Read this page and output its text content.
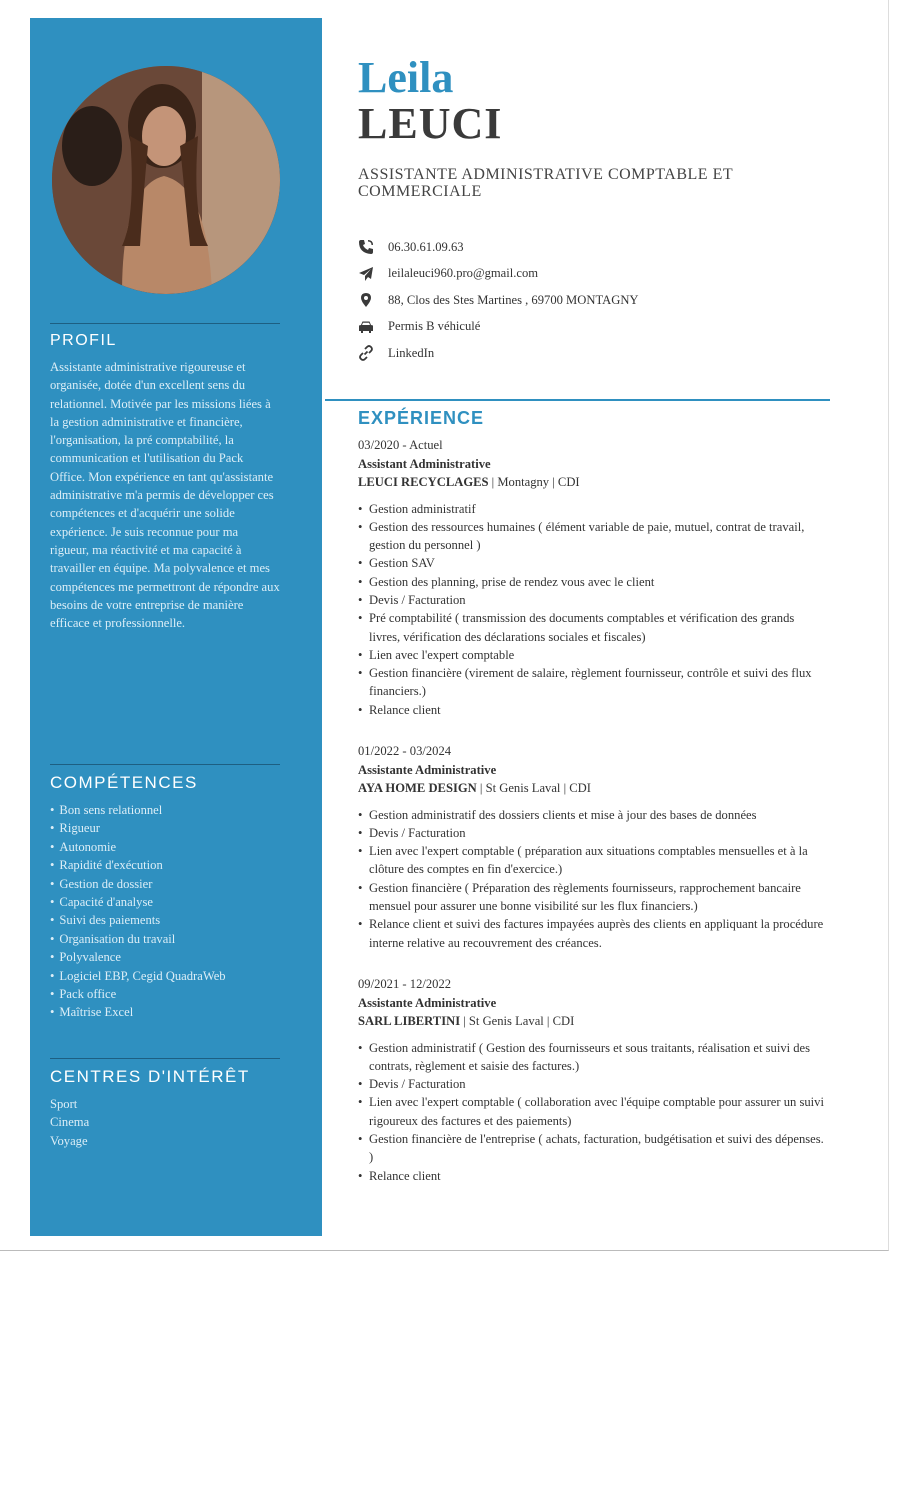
PROFIL
Assistante administrative rigoureuse et organisée, dotée d'un excellent sens du relationnel. Motivée par les missions liées à la gestion administrative et financière, l'organisation, la pré comptabilité, la communication et l'utilisation du Pack Office. Mon expérience en tant qu'assistante administrative m'a permis de développer ces compétences et d'acquérir une solide expérience. Je suis reconnue pour ma rigueur, ma réactivité et ma capacité à travailler en équipe. Ma polyvalence et mes compétences me permettront de répondre aux besoins de votre entreprise de manière efficace et professionnelle.
COMPÉTENCES
• Bon sens relationnel
• Rigueur
• Autonomie
• Rapidité d'exécution
• Gestion de dossier
• Capacité d'analyse
• Suivi des paiements
• Organisation du travail
• Polyvalence
• Logiciel EBP, Cegid QuadraWeb
• Pack office
• Maîtrise Excel
CENTRES D'INTÉRÊT
Sport
Cinema
Voyage
Leila
LEUCI
ASSISTANTE ADMINISTRATIVE COMPTABLE ET COMMERCIALE
06.30.61.09.63
leilaleuci960.pro@gmail.com
88, Clos des Stes Martines , 69700 MONTAGNY
Permis B véhiculé
LinkedIn
EXPÉRIENCE
03/2020 - Actuel
Assistant Administrative
LEUCI RECYCLAGES | Montagny | CDI
• Gestion administratif
• Gestion des ressources humaines ( élément variable de paie, mutuel, contrat de travail, gestion du personnel )
• Gestion SAV
• Gestion des planning, prise de rendez vous avec le client
• Devis / Facturation
• Pré comptabilité ( transmission des documents comptables et vérification des grands livres, vérification des déclarations sociales et fiscales)
• Lien avec l'expert comptable
• Gestion financière (virement de salaire, règlement fournisseur, contrôle et suivi des flux financiers.)
• Relance client
01/2022 - 03/2024
Assistante Administrative
AYA HOME DESIGN | St Genis Laval | CDI
• Gestion administratif des dossiers clients et mise à jour des bases de données
• Devis / Facturation
• Lien avec l'expert comptable ( préparation aux situations comptables mensuelles et à la clôture des comptes en fin d'exercice.)
• Gestion financière ( Préparation des règlements fournisseurs, rapprochement bancaire mensuel pour assurer une bonne visibilité sur les flux financiers.)
• Relance client et suivi des factures impayées auprès des clients en appliquant la procédure interne relative au recouvrement des créances.
09/2021 - 12/2022
Assistante Administrative
SARL LIBERTINI | St Genis Laval | CDI
• Gestion administratif ( Gestion des fournisseurs et sous traitants, réalisation et suivi des contrats, règlement et saisie des factures.)
• Devis / Facturation
• Lien avec l'expert comptable ( collaboration avec l'équipe comptable pour assurer un suivi rigoureux des factures et des paiements)
• Gestion financière de l'entreprise ( achats, facturation, budgétisation et suivi des dépenses. )
• Relance client
